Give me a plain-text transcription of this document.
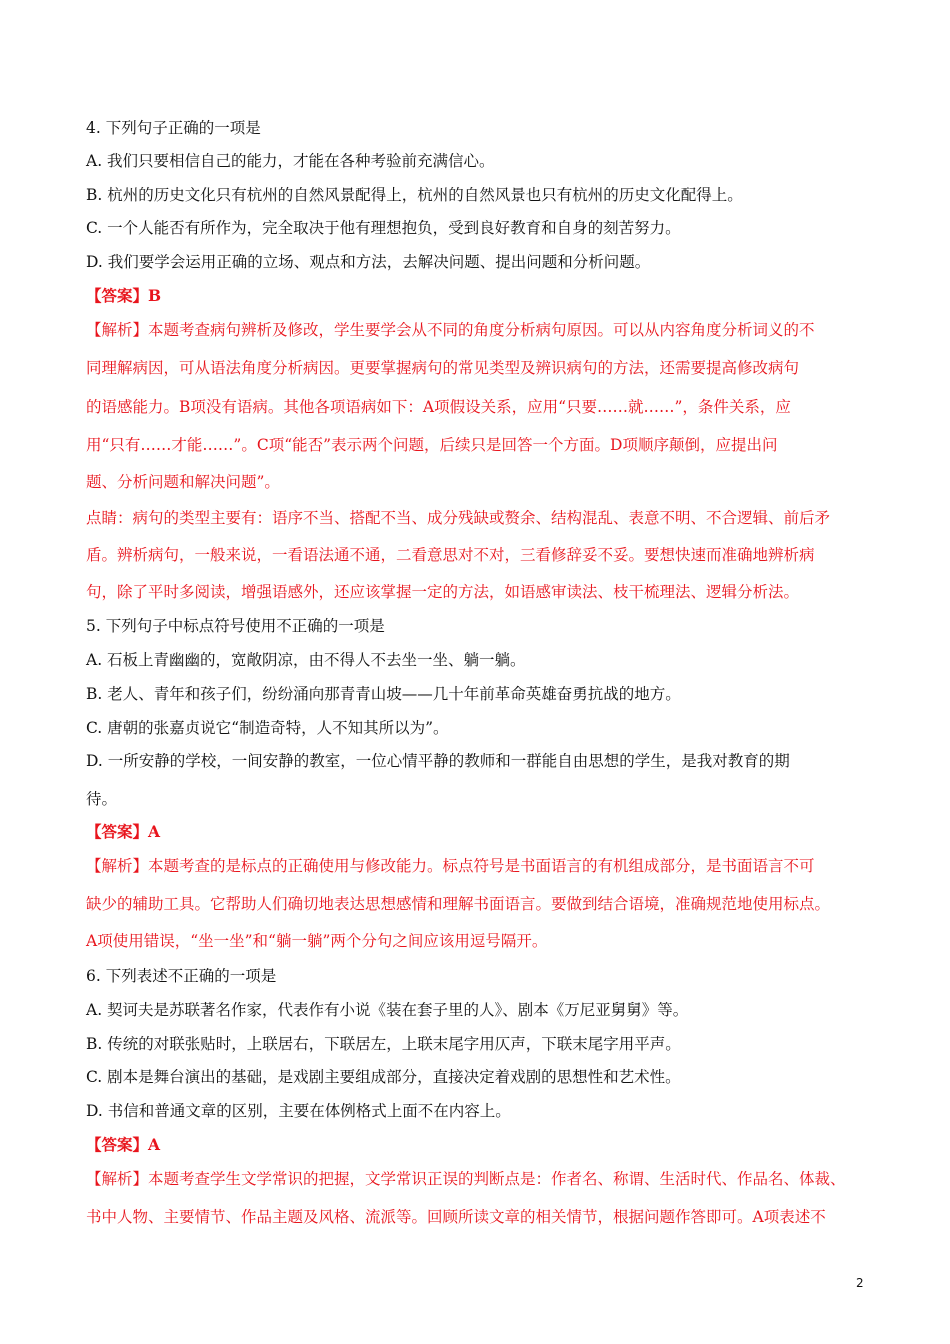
4. 下列句子正确的一项是
A. 我们只要相信自己的能力，才能在各种考验前充满信心。
B. 杭州的历史文化只有杭州的自然风景配得上，杭州的自然风景也只有杭州的历史文化配得上。
C. 一个人能否有所作为，完全取决于他有理想抱负，受到良好教育和自身的刻苦努力。
D. 我们要学会运用正确的立场、观点和方法，去解决问题、提出问题和分析问题。
【答案】B
【解析】本题考查病句辨析及修改，学生要学会从不同的角度分析病句原因。可以从内容角度分析词义的不
同理解病因，可从语法角度分析病因。更要掌握病句的常见类型及辨识病句的方法，还需要提高修改病句
的语感能力。B项没有语病。其他各项语病如下：A项假设关系，应用“只要……就……”，条件关系，应
用“只有……才能……”。C项“能否”表示两个问题，后续只是回答一个方面。D项顺序颠倒，应提出问
题、分析问题和解决问题”。
点睛：病句的类型主要有：语序不当、搭配不当、成分残缺或赘余、结构混乱、表意不明、不合逻辑、前后矛
盾。辨析病句，一般来说，一看语法通不通，二看意思对不对，三看修辞妥不妥。要想快速而准确地辨析病
句，除了平时多阅读，增强语感外，还应该掌握一定的方法，如语感审读法、枝干梳理法、逻辑分析法。
5. 下列句子中标点符号使用不正确的一项是
A. 石板上青幽幽的，宽敞阴凉，由不得人不去坐一坐、躺一躺。
B. 老人、青年和孩子们，纷纷涌向那青青山坡——几十年前革命英雄奋勇抗战的地方。
C. 唐朝的张嘉贞说它“制造奇特，人不知其所以为”。
D. 一所安静的学校，一间安静的教室，一位心情平静的教师和一群能自由思想的学生，是我对教育的期
待。
【答案】A
【解析】本题考查的是标点的正确使用与修改能力。标点符号是书面语言的有机组成部分，是书面语言不可
缺少的辅助工具。它帮助人们确切地表达思想感情和理解书面语言。要做到结合语境，准确规范地使用标点。
A项使用错误，“坐一坐”和“躺一躺”两个分句之间应该用逗号隔开。
6. 下列表述不正确的一项是
A. 契诃夫是苏联著名作家，代表作有小说《装在套子里的人》、剧本《万尼亚舅舅》等。
B. 传统的对联张贴时，上联居右，下联居左，上联末尾字用仄声，下联末尾字用平声。
C. 剧本是舞台演出的基础，是戏剧主要组成部分，直接决定着戏剧的思想性和艺术性。
D. 书信和普通文章的区别，主要在体例格式上面不在内容上。
【答案】A
【解析】本题考查学生文学常识的把握，文学常识正误的判断点是：作者名、称谓、生活时代、作品名、体裁、
书中人物、主要情节、作品主题及风格、流派等。回顾所读文章的相关情节，根据问题作答即可。A项表述不
2
